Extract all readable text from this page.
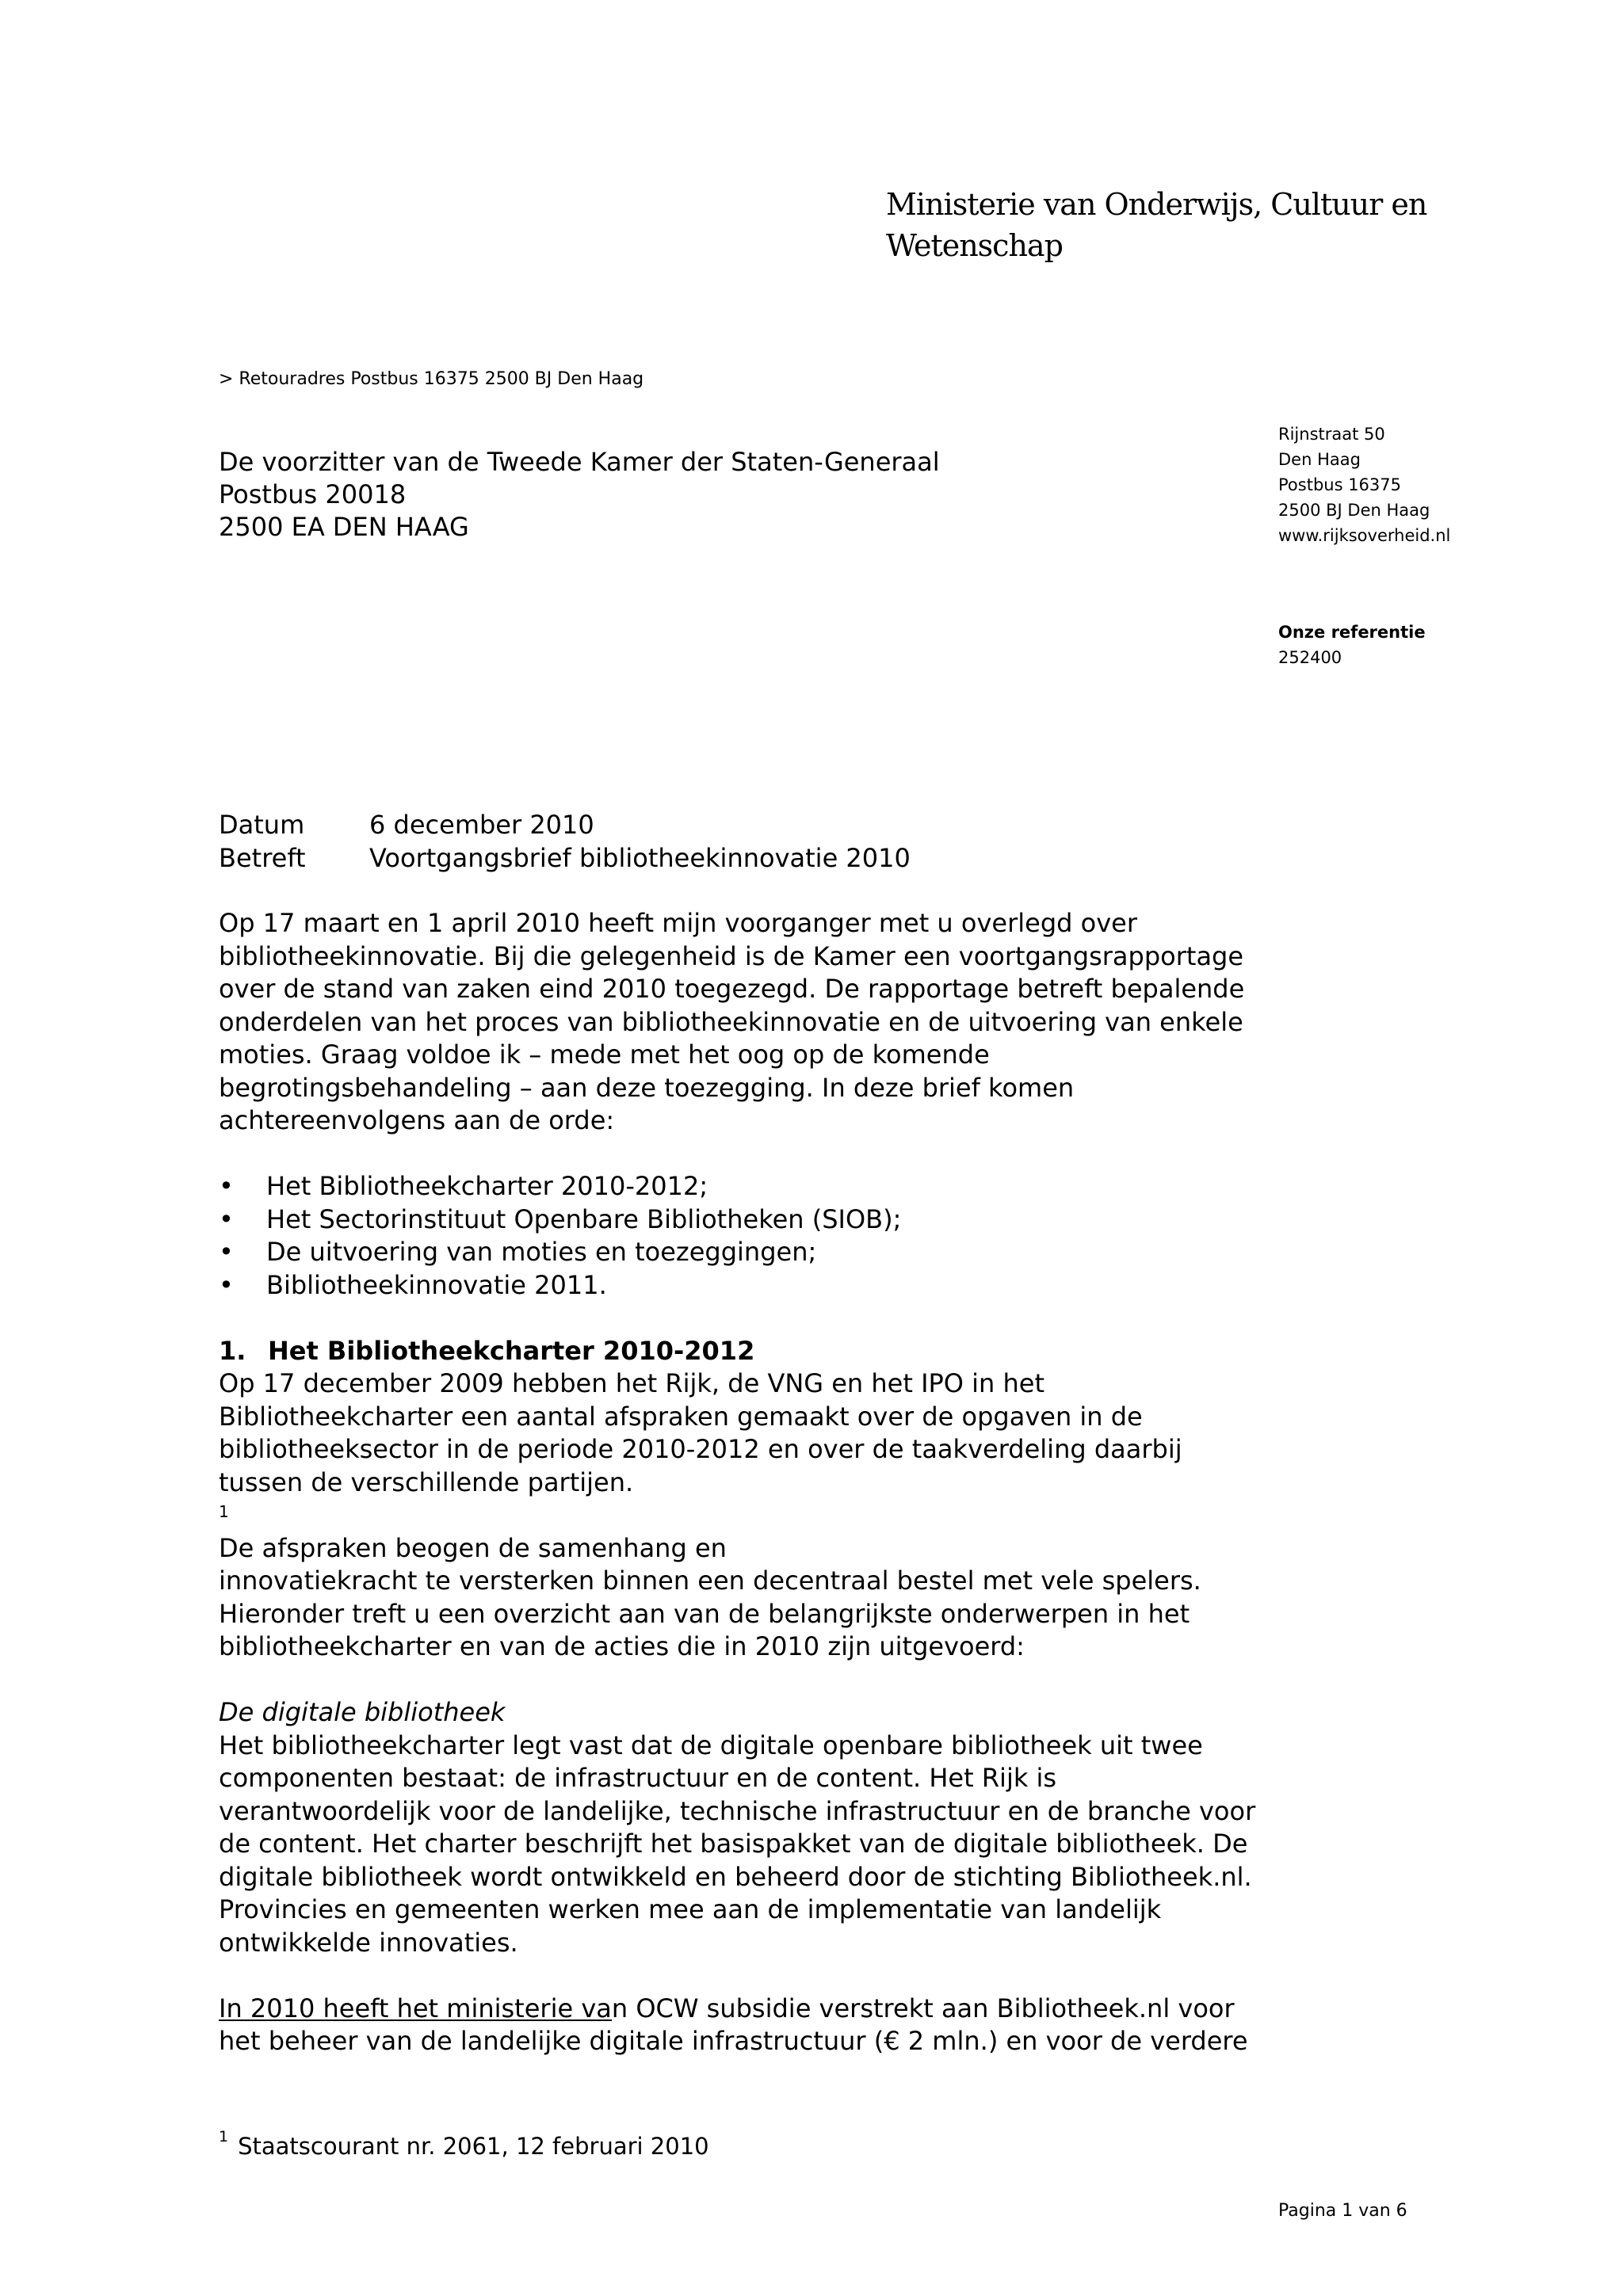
Ministerie van Onderwijs, Cultuur en
Wetenschap
> Retouradres Postbus 16375 2500 BJ Den Haag
De voorzitter van de Tweede Kamer der Staten-Generaal
Postbus 20018
2500 EA DEN HAAG
Rijnstraat 50
Den Haag
Postbus 16375
2500 BJ Den Haag
www.rijksoverheid.nl
Onze referentie
252400
Datum	6 december 2010
Betreft	Voortgangsbrief bibliotheekinnovatie 2010

Op 17 maart en 1 april 2010 heeft mijn voorganger met u overlegd over
bibliotheekinnovatie. Bij die gelegenheid is de Kamer een voortgangsrapportage
over de stand van zaken eind 2010 toegezegd. De rapportage betreft bepalende
onderdelen van het proces van bibliotheekinnovatie en de uitvoering van enkele
moties. Graag voldoe ik – mede met het oog op de komende
begrotingsbehandeling – aan deze toezegging. In deze brief komen
achtereenvolgens aan de orde:

• Het Bibliotheekcharter 2010-2012;
• Het Sectorinstituut Openbare Bibliotheken (SIOB);
• De uitvoering van moties en toezeggingen;
• Bibliotheekinnovatie 2011.
1. Het Bibliotheekcharter 2010-2012

Op 17 december 2009 hebben het Rijk, de VNG en het IPO in het
Bibliotheekcharter een aantal afspraken gemaakt over de opgaven in de
bibliotheeksector in de periode 2010-2012 en over de taakverdeling daarbij
tussen de verschillende partijen.
$^1$
De afspraken beogen de samenhang en
innovatiekracht te versterken binnen een decentraal bestel met vele spelers.
Hieronder treft u een overzicht aan van de belangrijkste onderwerpen in het
bibliotheekcharter en van de acties die in 2010 zijn uitgevoerd:

De digitale bibliotheek

Het bibliotheekcharter legt vast dat de digitale openbare bibliotheek uit twee
componenten bestaat: de infrastructuur en de content. Het Rijk is
verantwoordelijk voor de landelijke, technische infrastructuur en de branche voor
de content. Het charter beschrijft het basispakket van de digitale bibliotheek. De
digitale bibliotheek wordt ontwikkeld en beheerd door de stichting Bibliotheek.nl.
Provincies en gemeenten werken mee aan de implementatie van landelijk
ontwikkelde innovaties.

In 2010 heeft het ministerie van OCW subsidie verstrekt aan Bibliotheek.nl voor
het beheer van de landelijke digitale infrastructuur (€ 2 mln.) en voor de verdere

$^1$ Staatscourant nr. 2061, 12 februari 2010
Pagina 1 van 6
